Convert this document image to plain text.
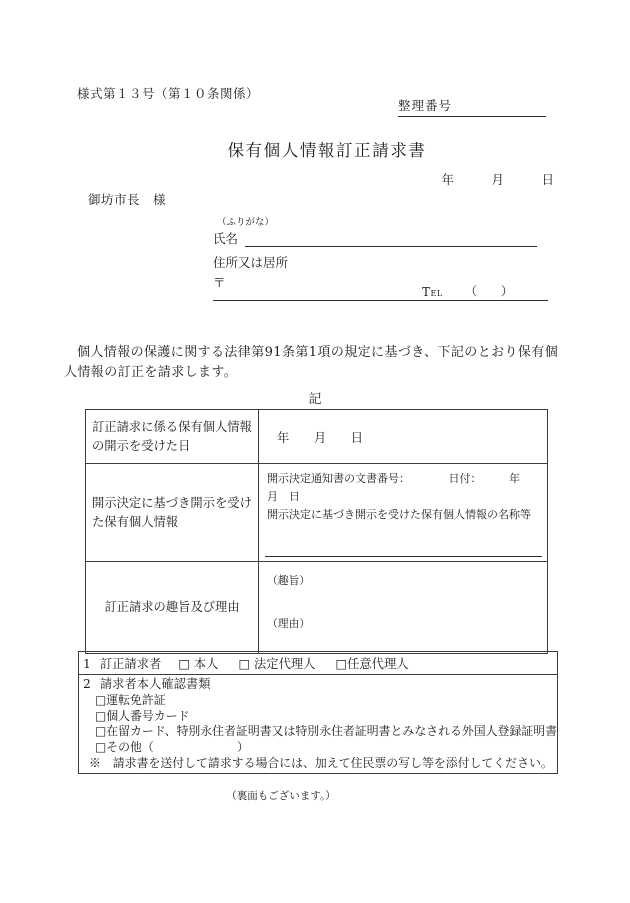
様式第１３号（第１０条関係）
整理番号
保有個人情報訂正請求書
年　　　月　　　日
御坊市長　様
（ふりがな）
氏名
住所又は居所
〒
Tel （　　）

個人情報の保護に関する法律第91条第1項の規定に基づき、下記のとおり保有個人情報の訂正を請求します。

記
訂正請求に係る保有個人情報の開示を受けた日	年　　月　　日
開示決定に基づき開示を受けた保有個人情報	開示決定通知書の文書番号：　　　　日付：　　　年　月　日
開示決定に基づき開示を受けた保有個人情報の名称等

訂正請求の趣旨及び理由	（趣旨）
（理由）
1 訂正請求者 □ 本人 □ 法定代理人 □任意代理人

2 請求者本人確認書類
□運転免許証
□個人番号カード
□在留カード、特別永住者証明書又は特別永住者証明書とみなされる外国人登録証明書
□その他（　　　　　　　）
※　請求書を送付して請求する場合には、加えて住民票の写し等を添付してください。
（裏面もございます。）
